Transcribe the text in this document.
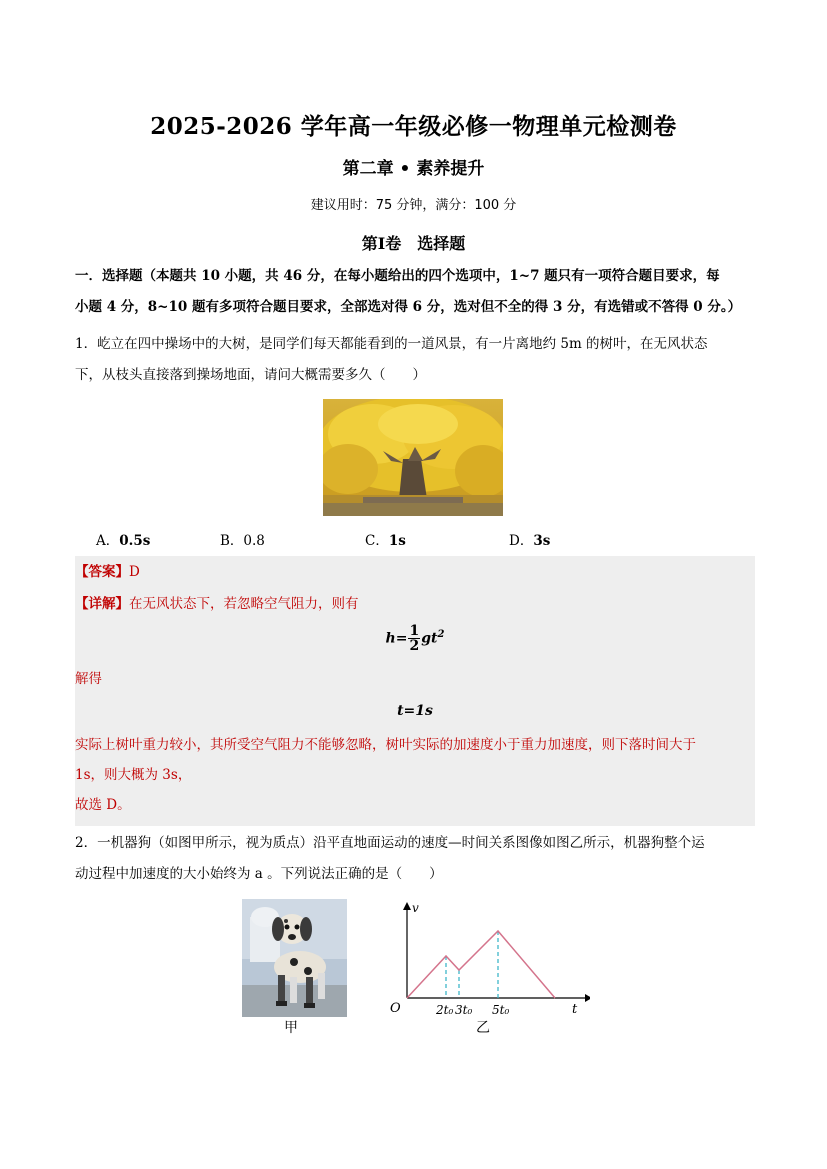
2025-2026 学年高一年级必修一物理单元检测卷
第二章 • 素养提升
建议用时：75 分钟，满分：100 分
第Ⅰ卷　选择题
一．选择题（本题共 10 小题，共 46 分，在每小题给出的四个选项中，1~7 题只有一项符合题目要求，每
小题 4 分，8~10 题有多项符合题目要求，全部选对得 6 分，选对但不全的得 3 分，有选错或不答得 0 分。）
1．屹立在四中操场中的大树，是同学们每天都能看到的一道风景，有一片离地约 5m 的树叶，在无风状态
下，从枝头直接落到操场地面，请问大概需要多久（　　）
A．0.5s	B．0.8	C．1s	D．3s
【答案】D
【详解】在无风状态下，若忽略空气阻力，则有
$h= \frac{1}{2} gt^2$
解得
t=1s
实际上树叶重力较小，其所受空气阻力不能够忽略，树叶实际的加速度小于重力加速度，则下落时间大于
1s，则大概为 3s，
故选 D。
2．一机器狗（如图甲所示，视为质点）沿平直地面运动的速度—时间关系图像如图乙所示，机器狗整个运
动过程中加速度的大小始终为 a 。下列说法正确的是（　　）
甲
v
t
O	2t₀ 3t₀ 5t₀
乙
